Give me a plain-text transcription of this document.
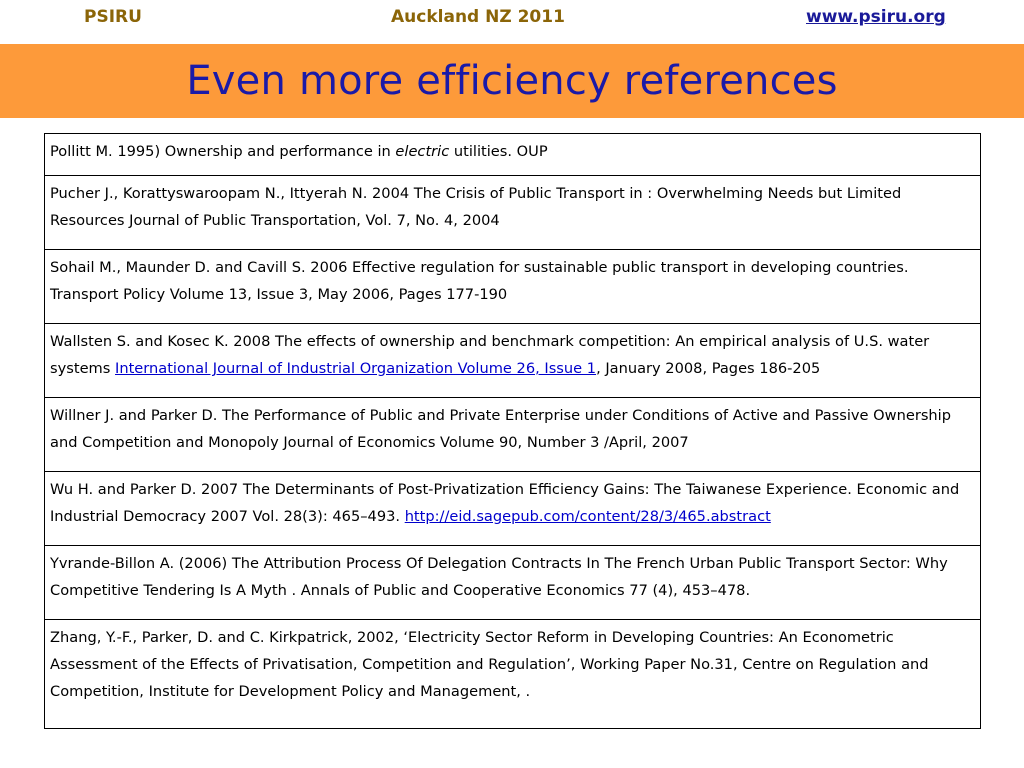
PSIRU	Auckland NZ 2011	www.psiru.org
Even more efficiency references
Pollitt M. 1995) Ownership and performance in electric utilities. OUP
Pucher J., Korattyswaroopam N., Ittyerah N. 2004 The Crisis of Public Transport in : Overwhelming Needs but Limited Resources Journal of Public Transportation, Vol. 7, No. 4, 2004
Sohail M., Maunder D. and Cavill S. 2006 Effective regulation for sustainable public transport in developing countries. Transport Policy Volume 13, Issue 3, May 2006, Pages 177-190
Wallsten S. and Kosec K. 2008 The effects of ownership and benchmark competition: An empirical analysis of U.S. water systems International Journal of Industrial Organization Volume 26, Issue 1, January 2008, Pages 186-205
Willner J. and Parker D. The Performance of Public and Private Enterprise under Conditions of Active and Passive Ownership and Competition and Monopoly Journal of Economics Volume 90, Number 3 /April, 2007
Wu H. and Parker D. 2007 The Determinants of Post-Privatization Efficiency Gains: The Taiwanese Experience. Economic and Industrial Democracy 2007 Vol. 28(3): 465–493. http://eid.sagepub.com/content/28/3/465.abstract
Yvrande-Billon A. (2006) The Attribution Process Of Delegation Contracts In The French Urban Public Transport Sector: Why Competitive Tendering Is A Myth . Annals of Public and Cooperative Economics 77 (4), 453–478.
Zhang, Y.-F., Parker, D. and C. Kirkpatrick, 2002, ‘Electricity Sector Reform in Developing Countries: An Econometric Assessment of the Effects of Privatisation, Competition and Regulation’, Working Paper No.31, Centre on Regulation and Competition, Institute for Development Policy and Management, .
